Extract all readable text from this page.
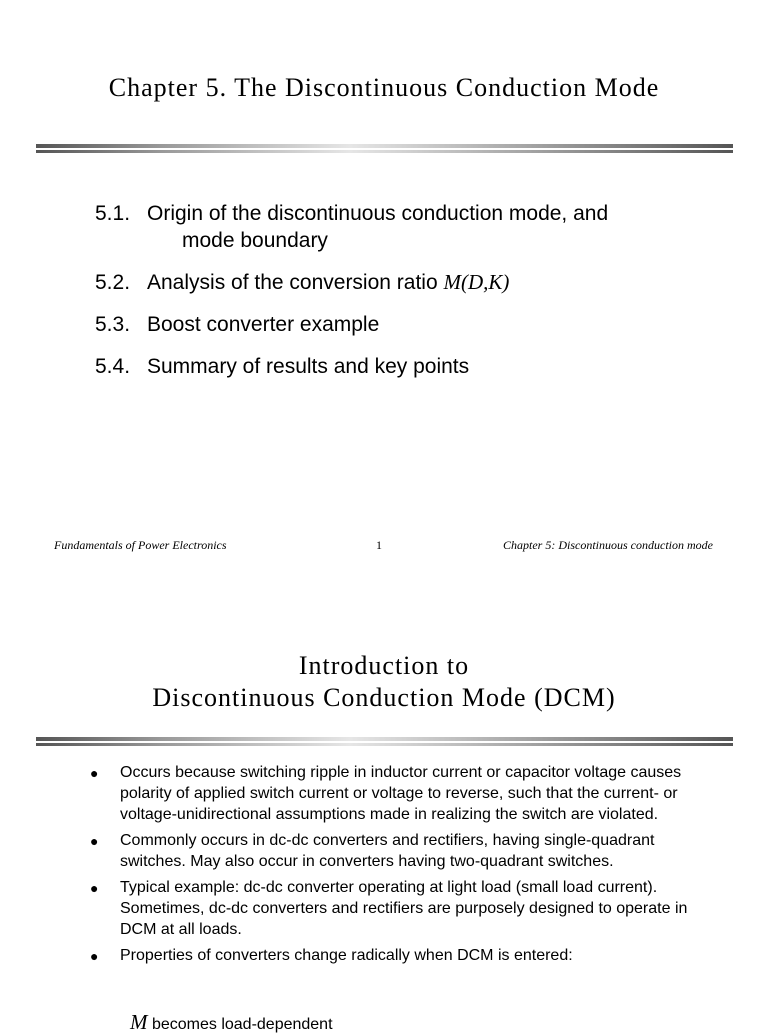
Chapter 5. The Discontinuous Conduction Mode
5.1. Origin of the discontinuous conduction mode, and
mode boundary
5.2. Analysis of the conversion ratio M(D,K)
5.3. Boost converter example
5.4. Summary of results and key points
Fundamentals of Power Electronics	1	Chapter 5: Discontinuous conduction mode
Introduction to
Discontinuous Conduction Mode (DCM)
●	Occurs because switching ripple in inductor current or capacitor voltage causes polarity of applied switch current or voltage to reverse, such that the current- or voltage-unidirectional assumptions made in realizing the switch are violated.
●	Commonly occurs in dc-dc converters and rectifiers, having single-quadrant switches. May also occur in converters having two-quadrant switches.
●	Typical example: dc-dc converter operating at light load (small load current). Sometimes, dc-dc converters and rectifiers are purposely designed to operate in DCM at all loads.
●	Properties of converters change radically when DCM is entered:
M becomes load-dependent
